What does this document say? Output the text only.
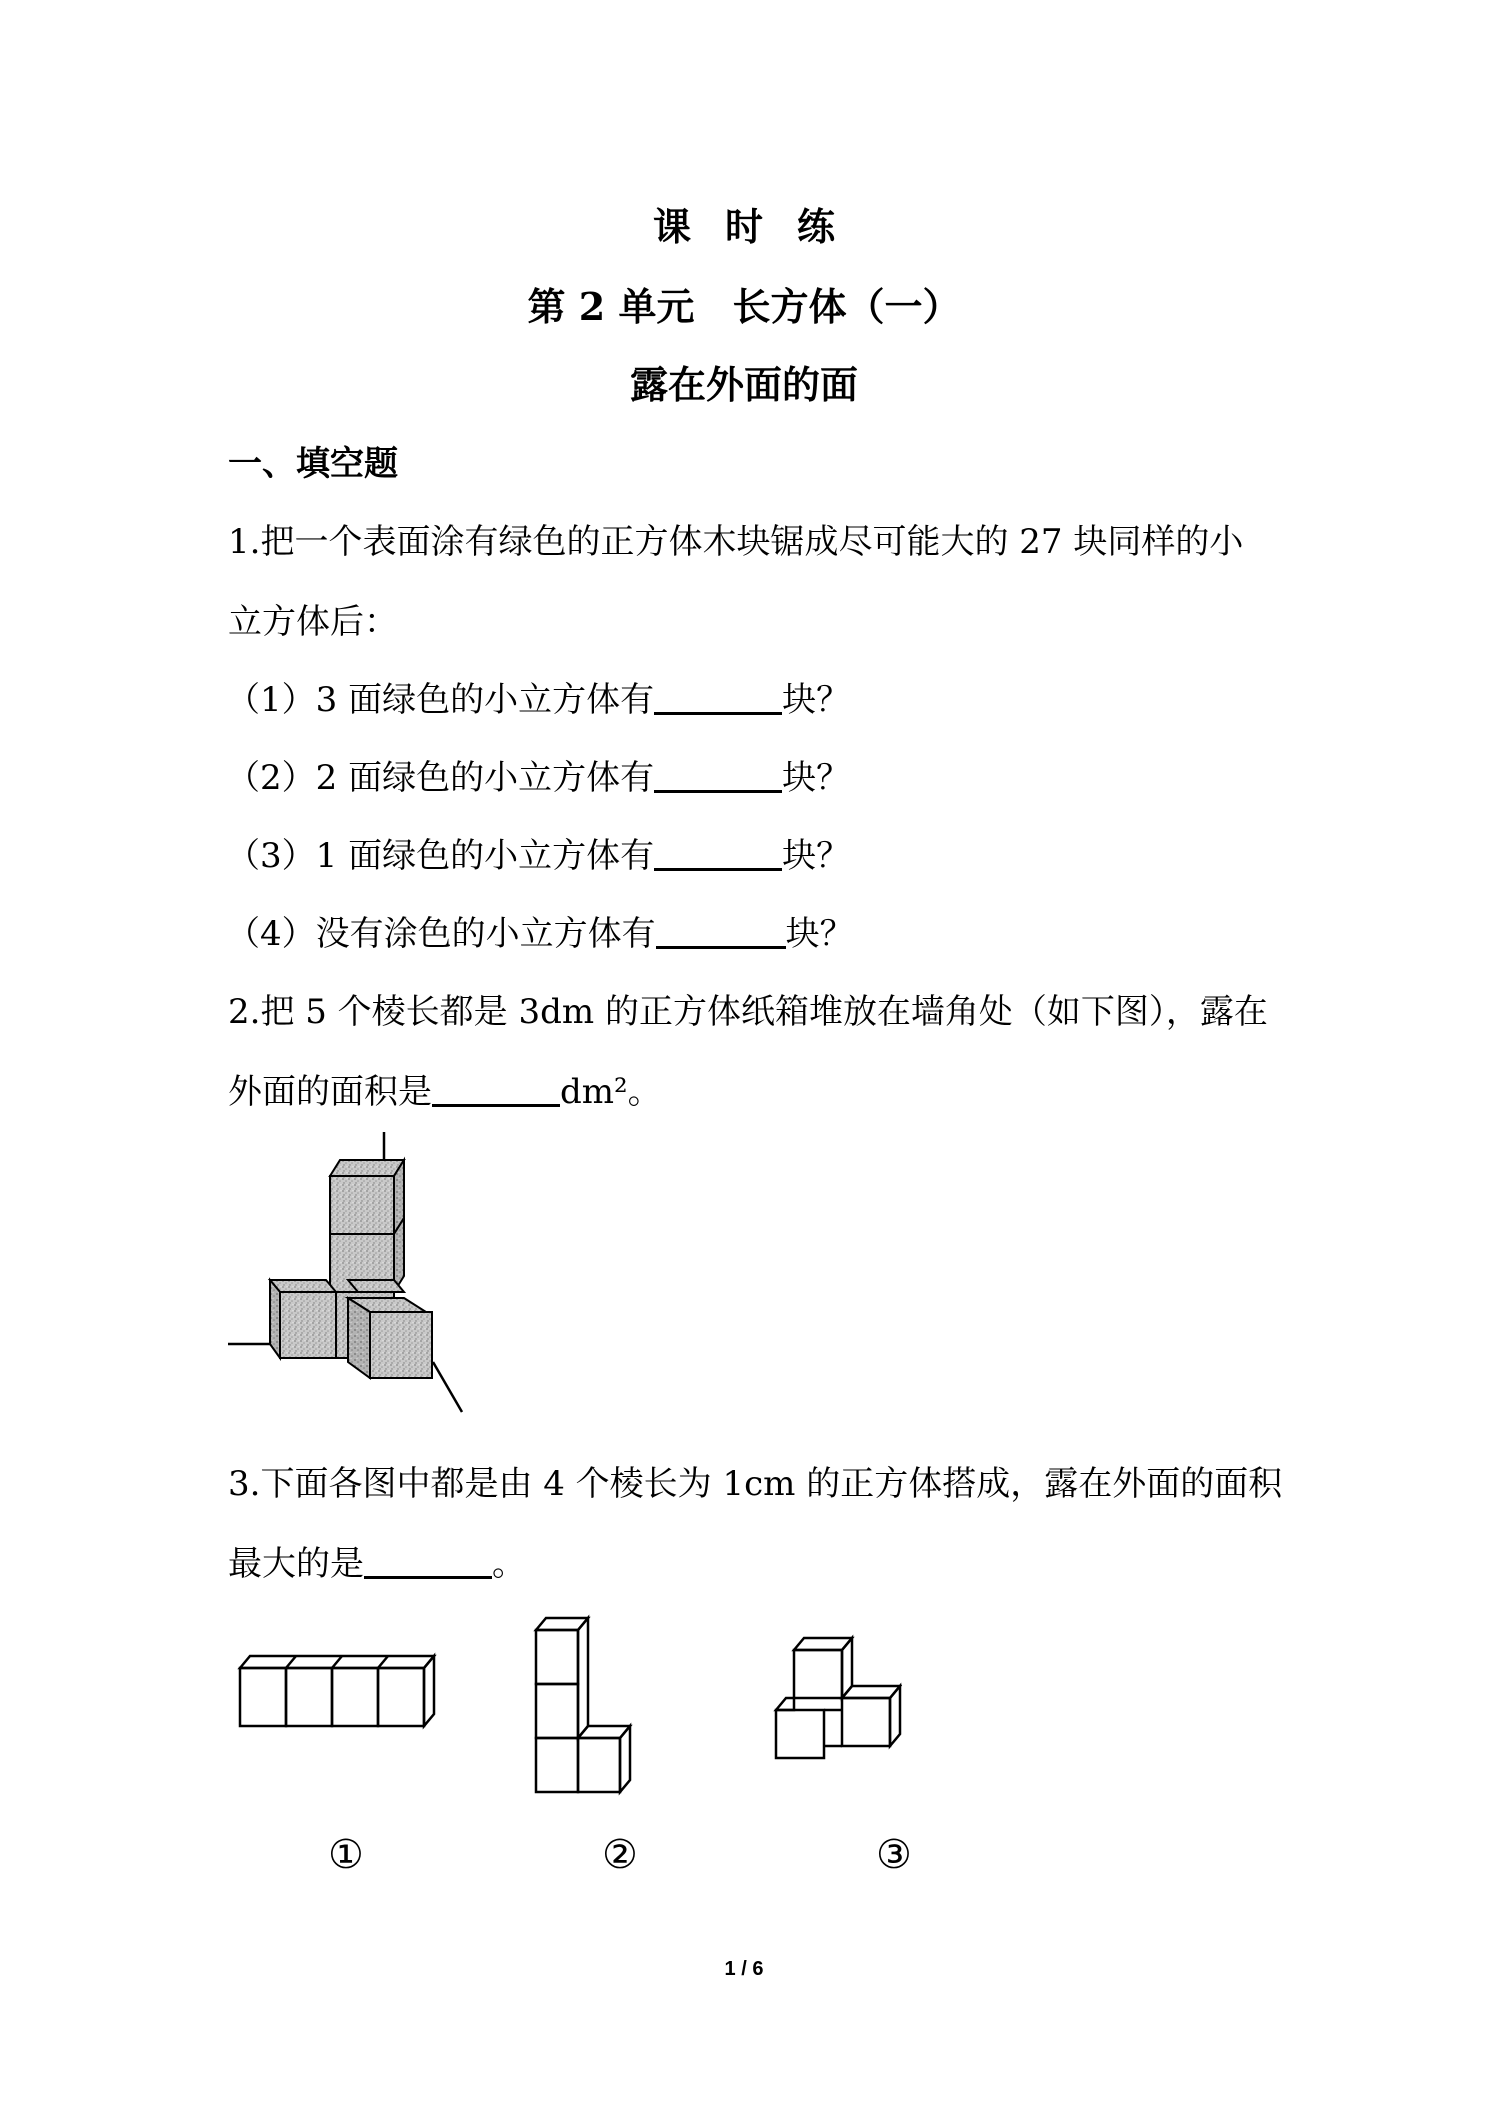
课时练
第 2 单元　长方体（一）
露在外面的面
一、填空题
1.把一个表面涂有绿色的正方体木块锯成尽可能大的 27 块同样的小
立方体后：
（1）3 面绿色的小立方体有	块？
（2）2 面绿色的小立方体有	块？
（3）1 面绿色的小立方体有	块？
（4）没有涂色的小立方体有	块？
2.把 5 个棱长都是 3dm 的正方体纸箱堆放在墙角处（如下图），露在
外面的面积是	dm²。
3.下面各图中都是由 4 个棱长为 1cm 的正方体搭成，露在外面的面积
最大的是	。
①	②	③
1 / 6
